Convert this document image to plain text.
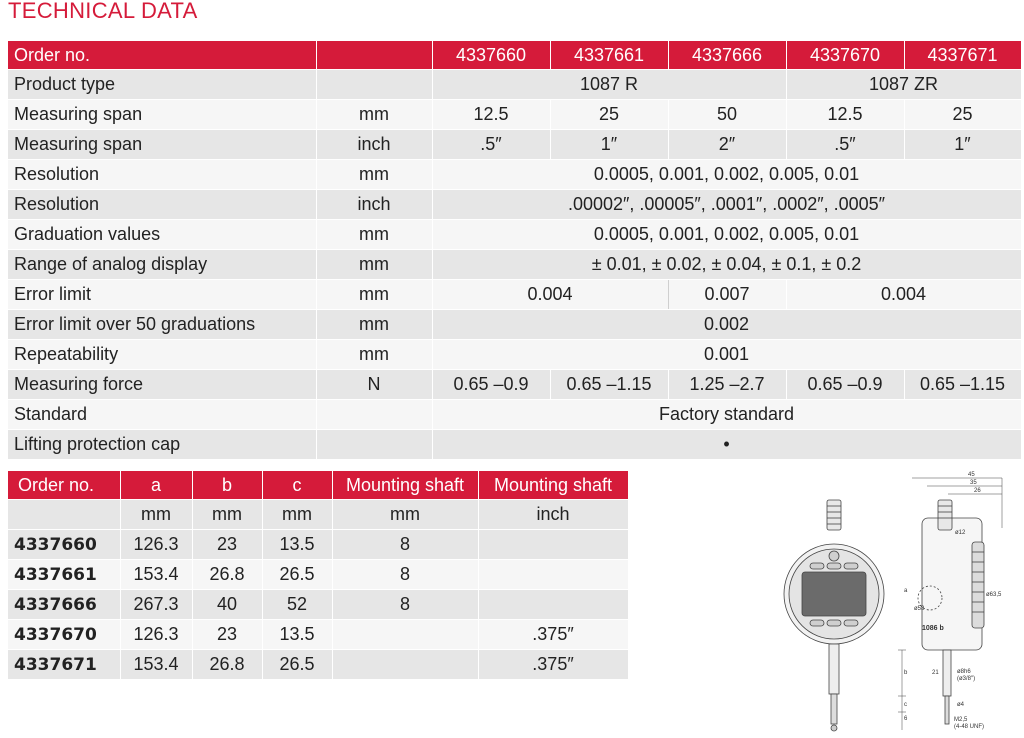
TECHNICAL DATA
Order no.		4337660	4337661	4337666	4337670	4337671
Product type		1087 R			1087 ZR	
Measuring span	mm	12.5	25	50	12.5	25
Measuring span	inch	.5″	1″	2″	.5″	1″
Resolution	mm	0.0005, 0.001, 0.002, 0.005, 0.01				
Resolution	inch	.00002″, .00005″, .0001″, .0002″, .0005″				
Graduation values	mm	0.0005, 0.001, 0.002, 0.005, 0.01				
Range of analog display	mm	± 0.01, ± 0.02, ± 0.04, ± 0.1, ± 0.2				
Error limit	mm	0.004		0.007	0.004	
Error limit over 50 graduations	mm	0.002				
Repeatability	mm	0.001				
Measuring force	N	0.65 –0.9	0.65 –1.15	1.25 –2.7	0.65 –0.9	0.65 –1.15
Standard		Factory standard				
Lifting protection cap		•				
Order no.	a	b	c	Mounting shaft	Mounting shaft
	mm	mm	mm	mm	inch
4337660	126.3	23	13.5	8	
4337661	153.4	26.8	26.5	8	
4337666	267.3	40	52	8	
4337670	126.3	23	13.5		.375″
4337671	153.4	26.8	26.5		.375″
45
35
26
ø12
ø58
ø63,5
ø8h6
(ø3/8″)
ø4
M2,5
(4-48 UNF)
21
a
b
c
6
1086 b
